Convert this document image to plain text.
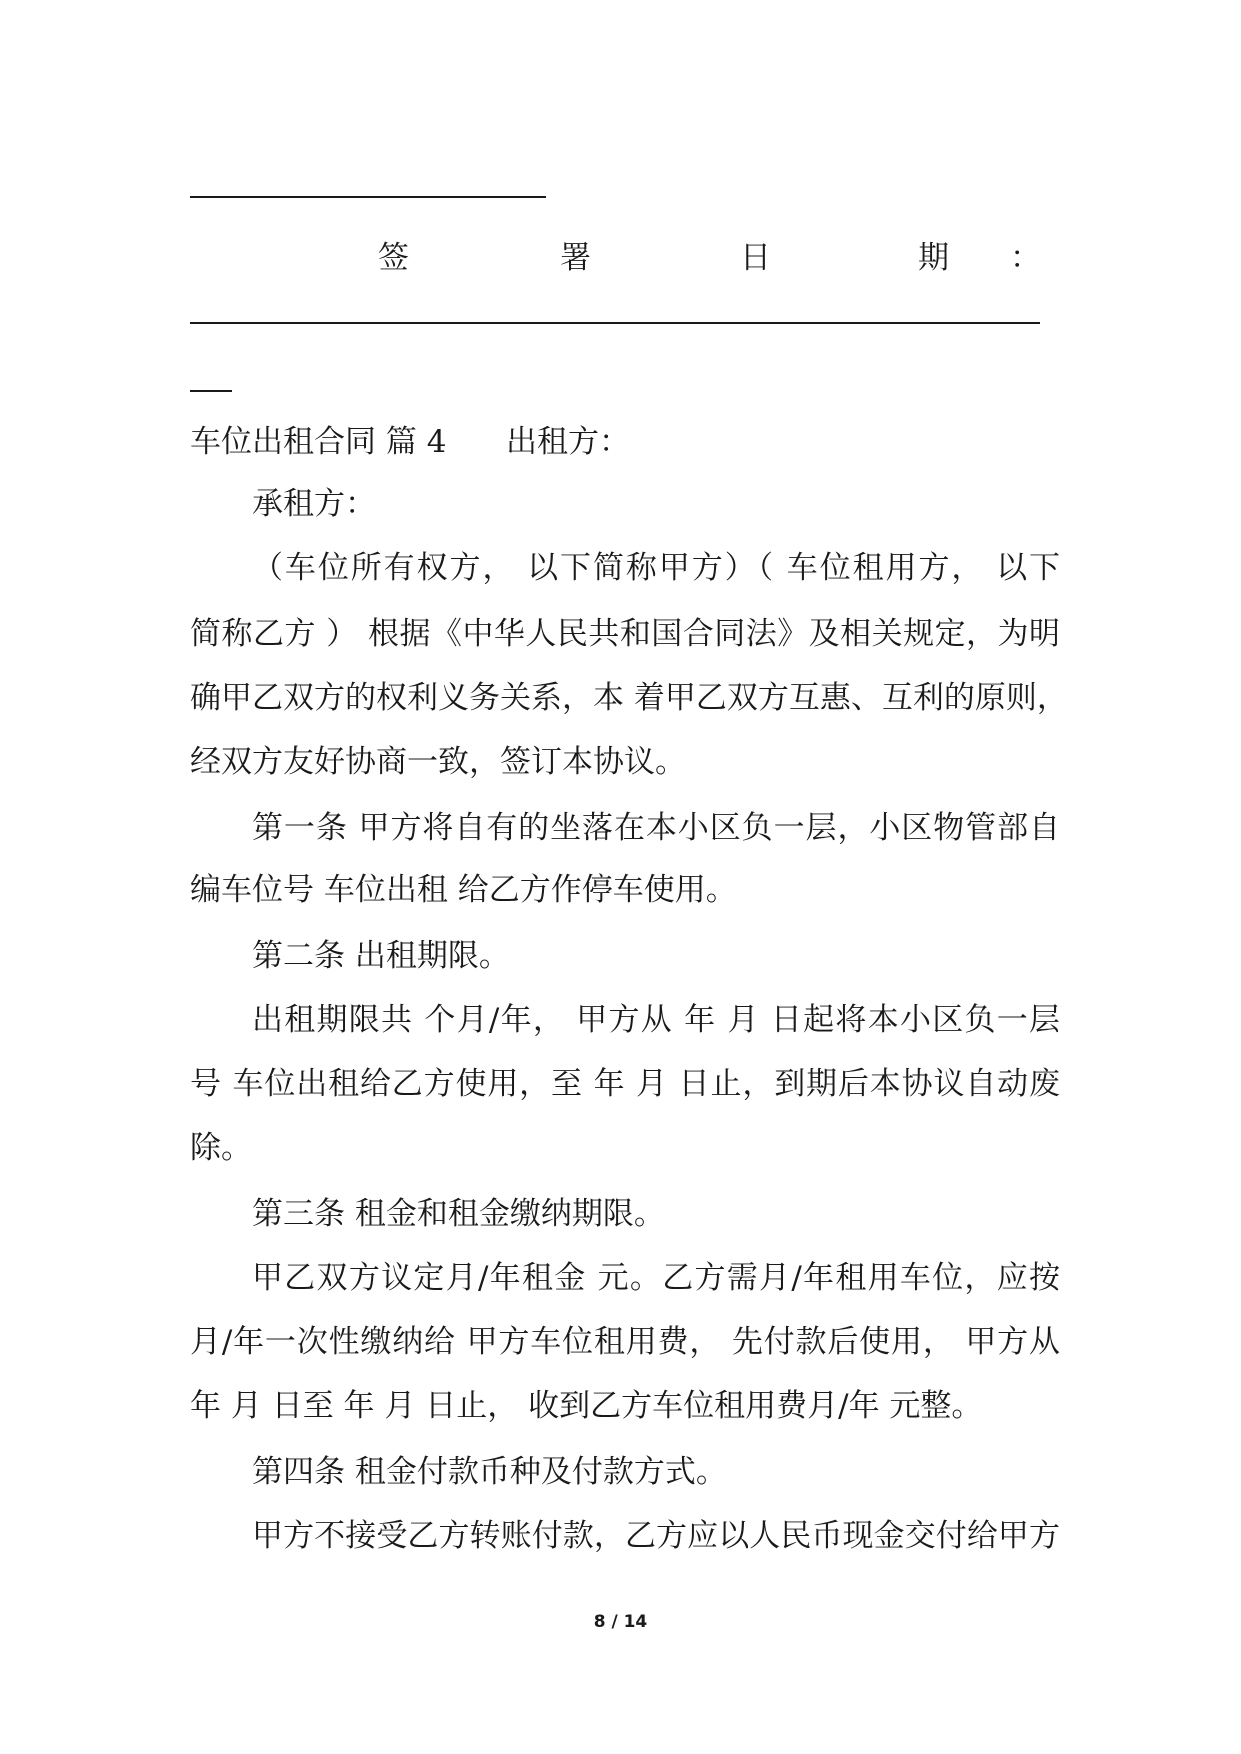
签	署	日	期 ：
车位出租合同 篇 4 出租方：
承租方：
（车位所有权方， 以下简称甲方）（ 车位租用方， 以下
简称乙方 ） 根据《中华人民共和国合同法》及相关规定，为明
确甲乙双方的权利义务关系，本 着甲乙双方互惠、互利的原则，
经双方友好协商一致，签订本协议。
第一条 甲方将自有的坐落在本小区负一层，小区物管部自
编车位号 车位出租 给乙方作停车使用。
第二条 出租期限。
出租期限共 个月/年， 甲方从 年 月 日起将本小区负一层
号 车位出租给乙方使用，至 年 月 日止，到期后本协议自动废
除。
第三条 租金和租金缴纳期限。
甲乙双方议定月/年租金 元。乙方需月/年租用车位，应按
月/年一次性缴纳给 甲方车位租用费， 先付款后使用， 甲方从
年 月 日至 年 月 日止， 收到乙方车位租用费月/年 元整。
第四条 租金付款币种及付款方式。
甲方不接受乙方转账付款，乙方应以人民币现金交付给甲方
8 / 14
